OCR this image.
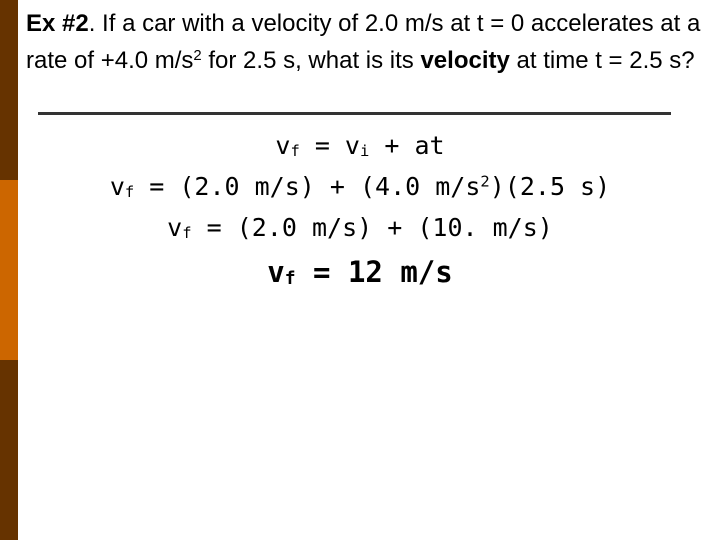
Ex #2. If a car with a velocity of 2.0 m/s at t = 0 accelerates at a rate of +4.0 $m/s^2$ for 2.5 s, what is its velocity at time t = 2.5 s?
vf = vi + at
vf = (2.0 m/s) + (4.0 $m/s^2)(2.5$ s)
vf = (2.0 m/s) + (10. m/s)
vf = 12 m/s
